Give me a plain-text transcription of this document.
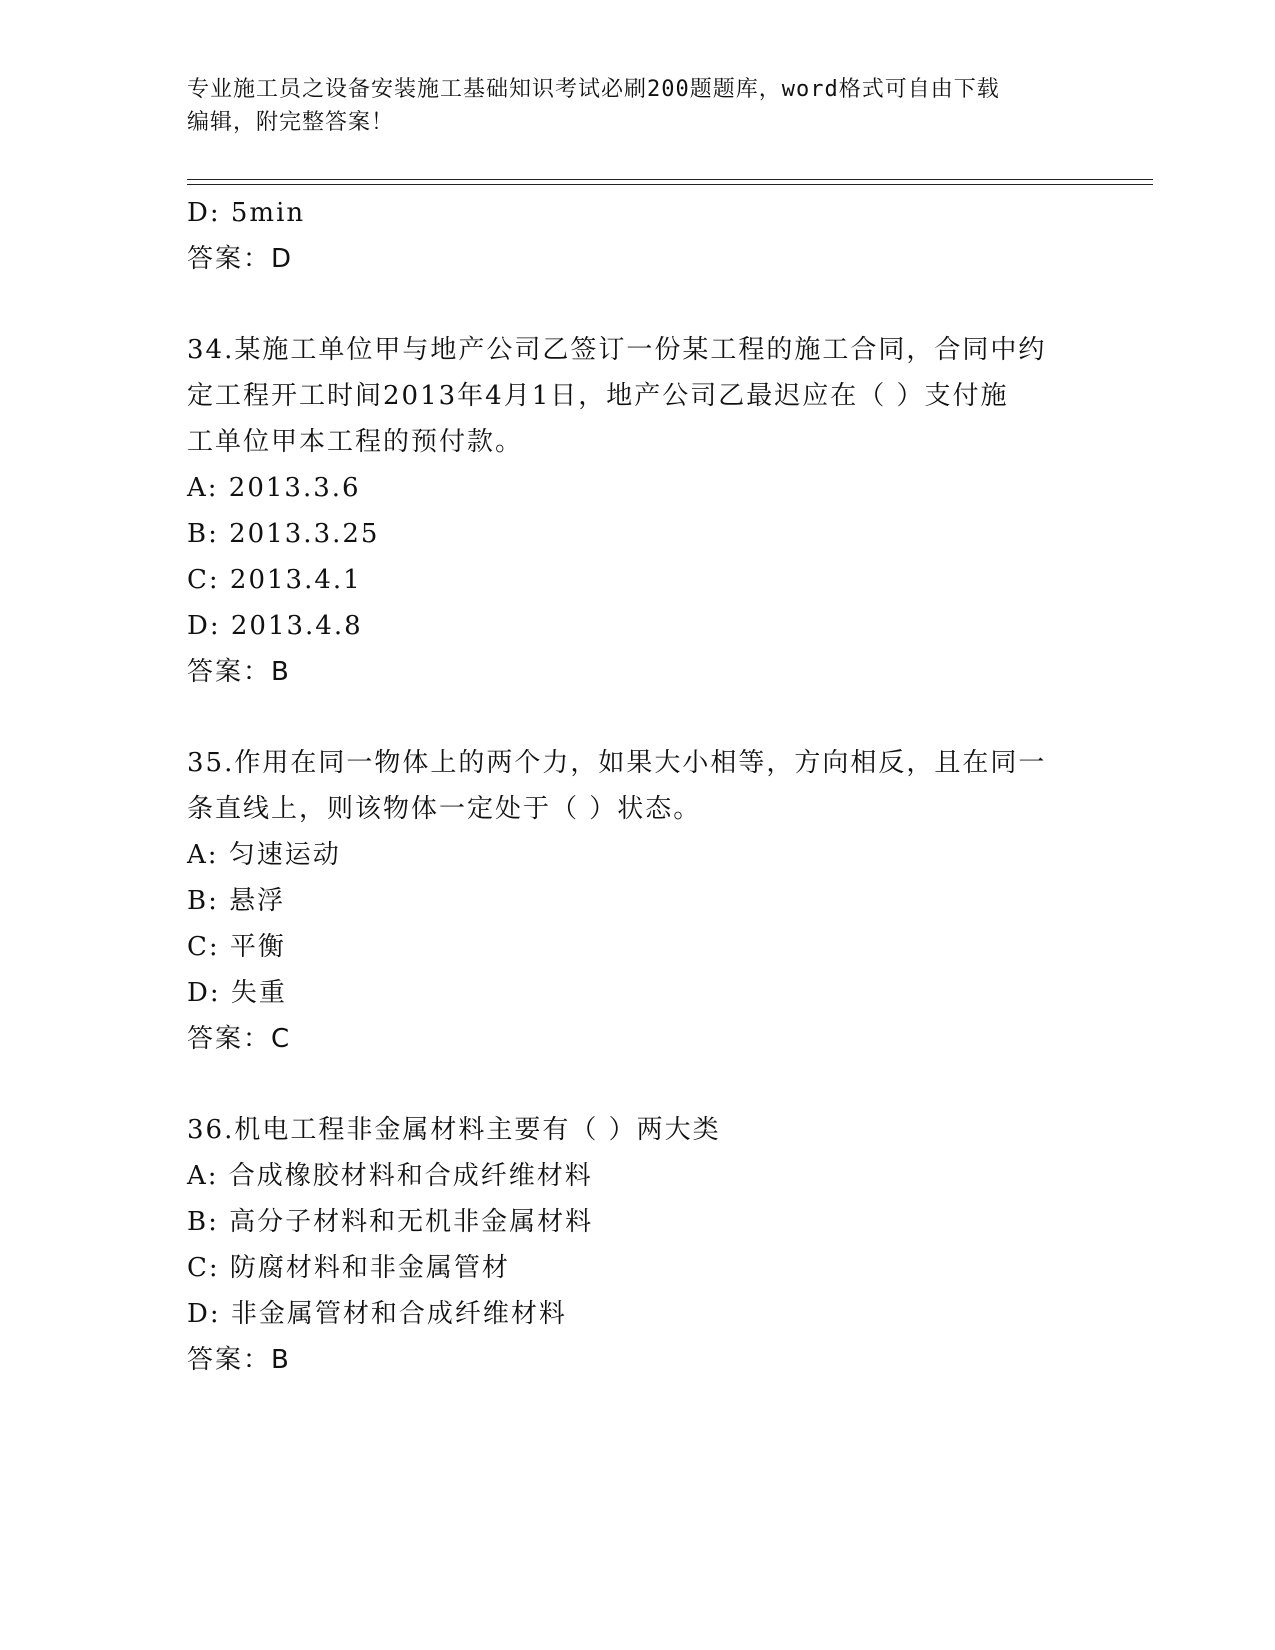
专业施工员之设备安装施工基础知识考试必刷200题题库，word格式可自由下载
编辑，附完整答案！
D: 5min
答案：D
34.某施工单位甲与地产公司乙签订一份某工程的施工合同，合同中约
定工程开工时间2013年4月1日，地产公司乙最迟应在（ ）支付施
工单位甲本工程的预付款。
A: 2013.3.6
B: 2013.3.25
C: 2013.4.1
D: 2013.4.8
答案：B
35.作用在同一物体上的两个力，如果大小相等，方向相反，且在同一
条直线上，则该物体一定处于（ ）状态。
A: 匀速运动
B: 悬浮
C: 平衡
D: 失重
答案：C
36.机电工程非金属材料主要有（ ）两大类
A: 合成橡胶材料和合成纤维材料
B: 高分子材料和无机非金属材料
C: 防腐材料和非金属管材
D: 非金属管材和合成纤维材料
答案：B
